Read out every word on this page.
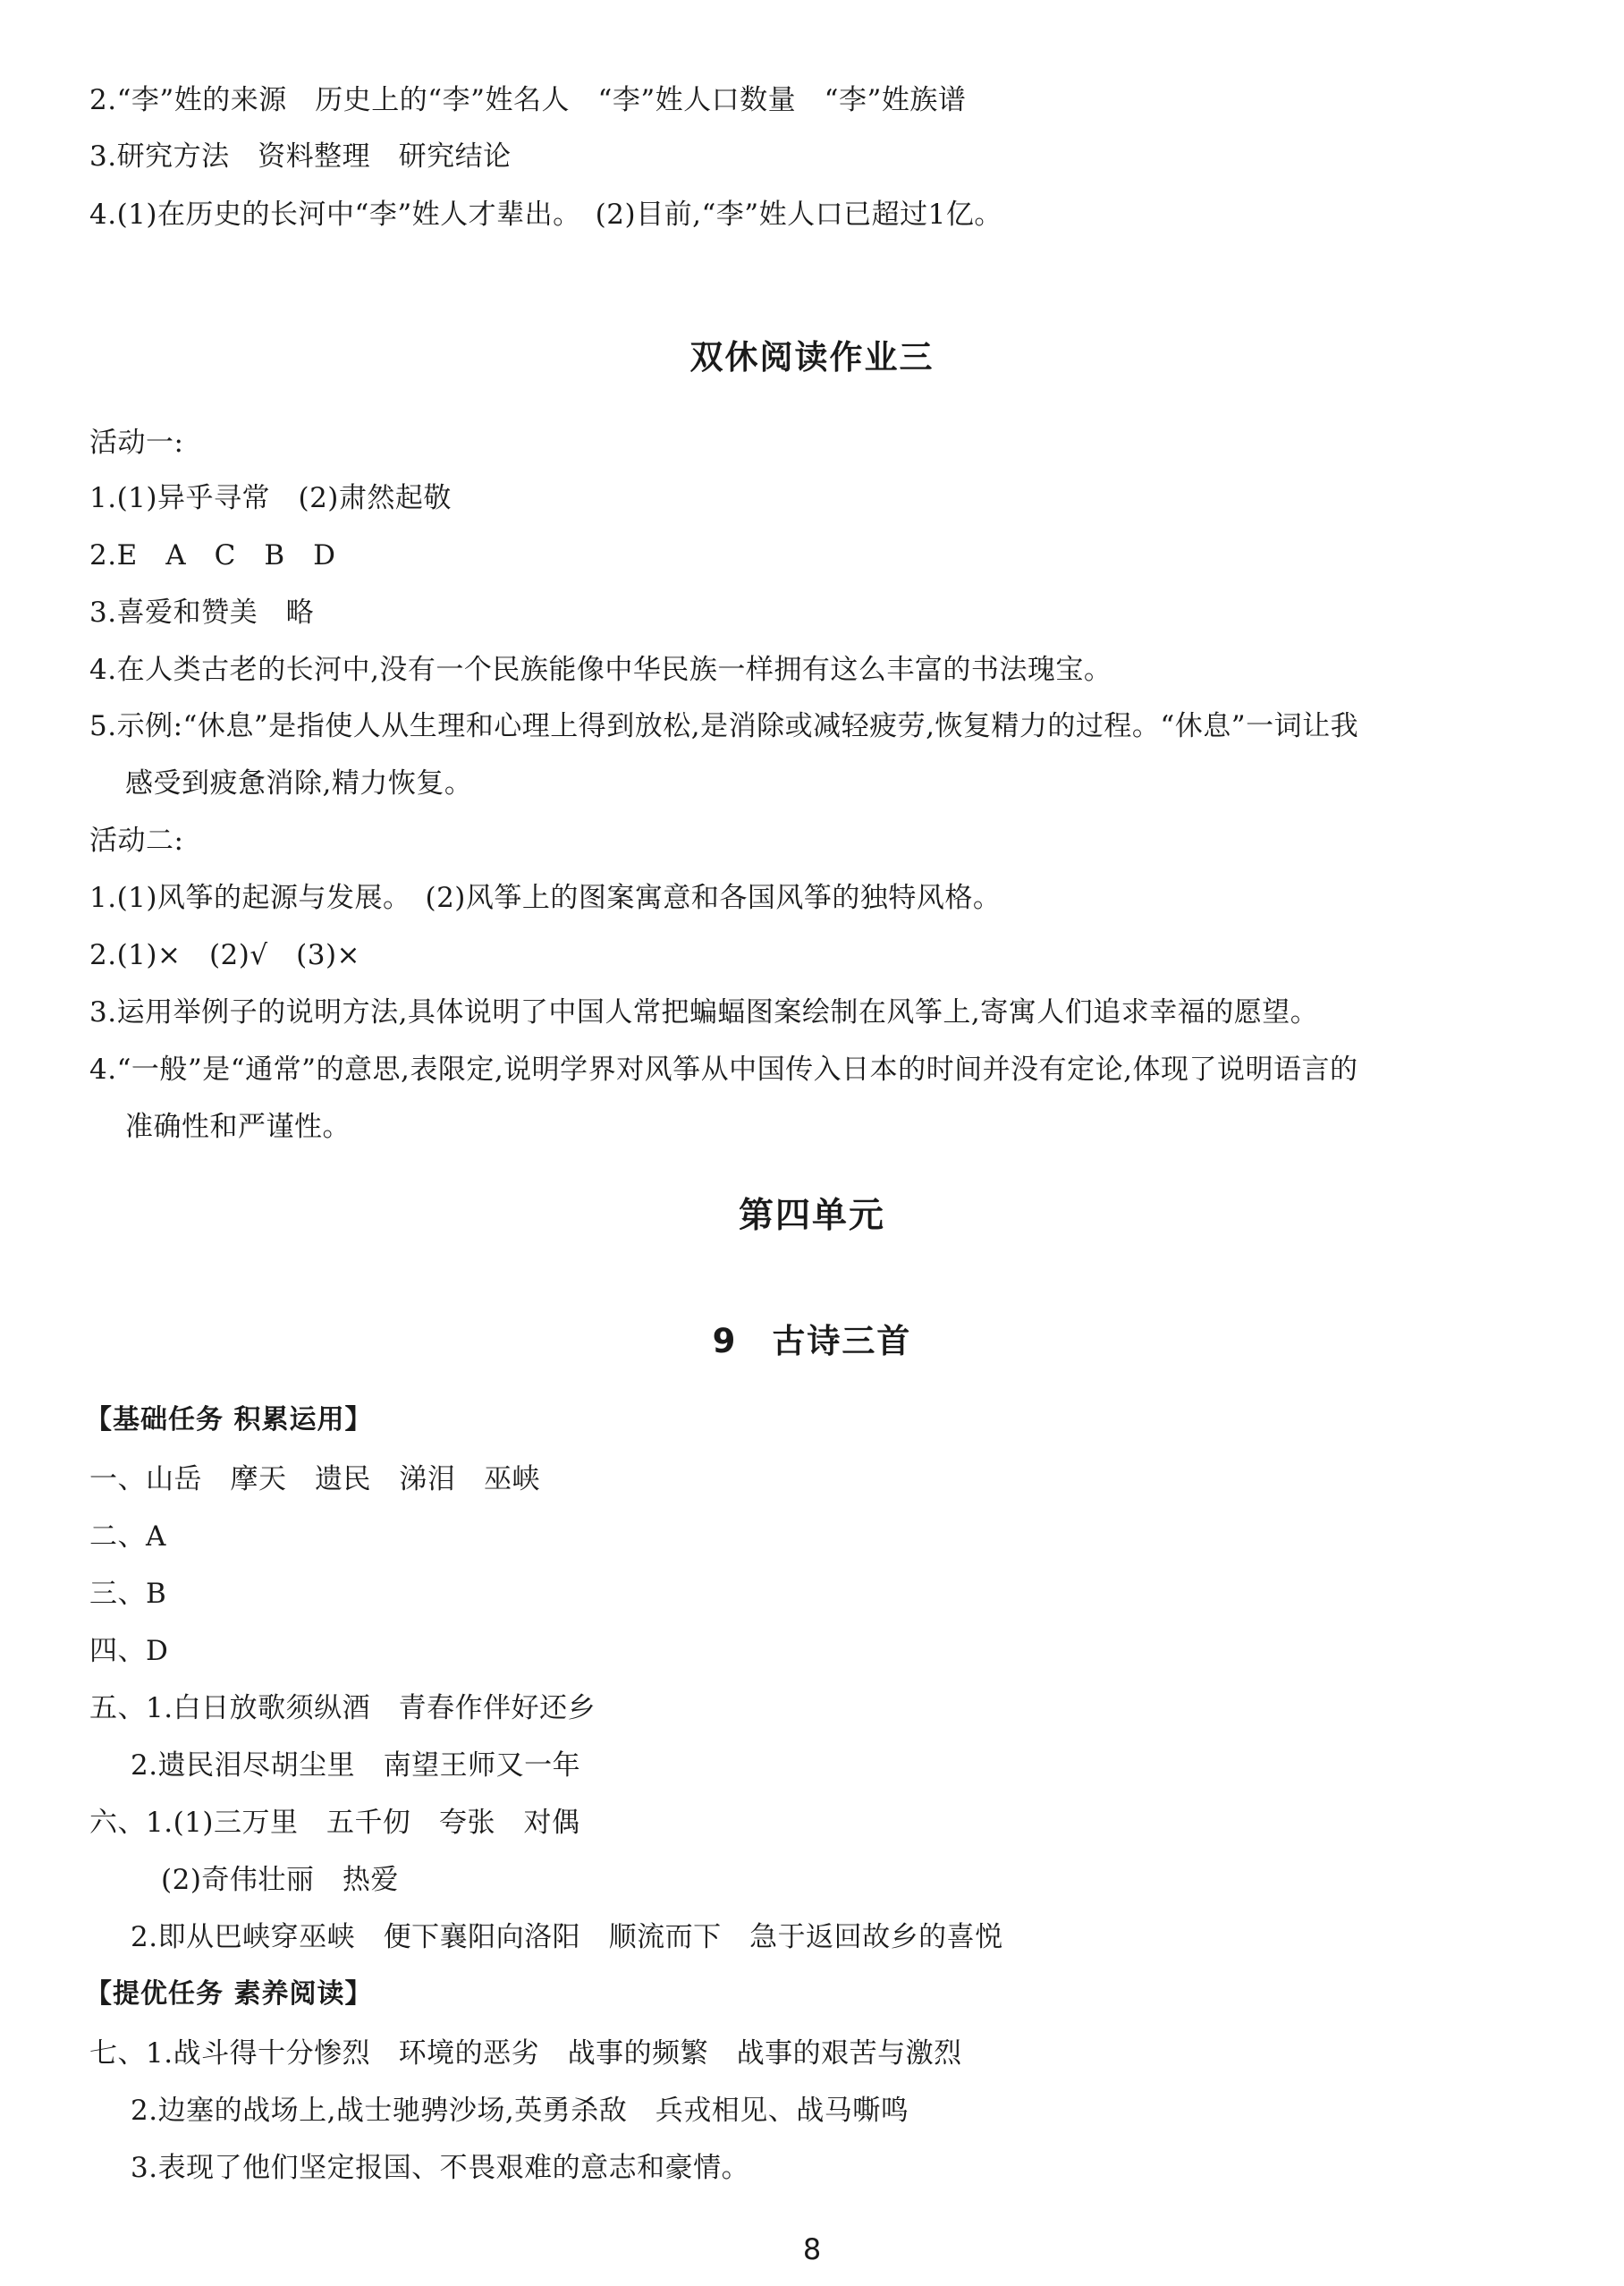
2.“李”姓的来源　历史上的“李”姓名人　“李”姓人口数量　“李”姓族谱
3.研究方法　资料整理　研究结论
4.(1)在历史的长河中“李”姓人才辈出。　(2)目前,“李”姓人口已超过1亿。
双休阅读作业三
活动一:
1.(1)异乎寻常　(2)肃然起敬
2.E　A　C　B　D
3.喜爱和赞美　略
4.在人类古老的长河中,没有一个民族能像中华民族一样拥有这么丰富的书法瑰宝。
5.示例:“休息”是指使人从生理和心理上得到放松,是消除或减轻疲劳,恢复精力的过程。“休息”一词让我
感受到疲惫消除,精力恢复。
活动二:
1.(1)风筝的起源与发展。　(2)风筝上的图案寓意和各国风筝的独特风格。
2.(1)×　(2)√　(3)×
3.运用举例子的说明方法,具体说明了中国人常把蝙蝠图案绘制在风筝上,寄寓人们追求幸福的愿望。
4.“一般”是“通常”的意思,表限定,说明学界对风筝从中国传入日本的时间并没有定论,体现了说明语言的
准确性和严谨性。
第四单元
9　古诗三首
【基础任务 积累运用】
一、山岳　摩天　遗民　涕泪　巫峡
二、A
三、B
四、D
五、1.白日放歌须纵酒　青春作伴好还乡
2.遗民泪尽胡尘里　南望王师又一年
六、1.(1)三万里　五千仞　夸张　对偶
(2)奇伟壮丽　热爱
2.即从巴峡穿巫峡　便下襄阳向洛阳　顺流而下　急于返回故乡的喜悦
【提优任务 素养阅读】
七、1.战斗得十分惨烈　环境的恶劣　战事的频繁　战事的艰苦与激烈
2.边塞的战场上,战士驰骋沙场,英勇杀敌　兵戎相见、战马嘶鸣
3.表现了他们坚定报国、不畏艰难的意志和豪情。
8
